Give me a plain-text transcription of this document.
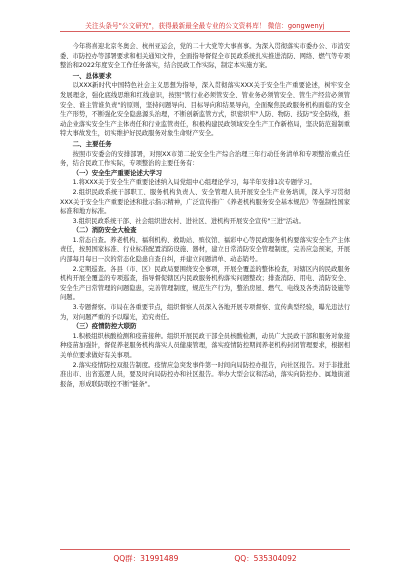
关注头条号"公文研究"，获得最新最全最专业的公文资料库！ 微信：gongwenyj

今年将喜迎北京冬奥会、杭州亚运会，党的二十大党等大事喜事。为深入贯彻落实市委办公、市消安委、市防控办等部署要求和相关通知文件，全面指导督促全市民政系统扎实推进消防、网络、燃气等专项整治和2022年度安全工作任务落实，结合民政工作实际，制定本实施方案。

一、总体要求

以XXX新时代中国特色社会主义思想为指导，深入贯彻落实XXX关于安全生产重要论述，树牢安全发展理念，强化底线思维和红线意识，按照"管行业必须管安全、管业务必须管安全、管生产经营必须管安全、谁主管谁负责"的原则，坚持问题导向、目标导向和结果导向，全面聚焦民政服务机构面临的安全生产形势，不断强化安全隐患源头治理，不断创新监管方式，织密织牢"人防、物防、技防"安全防线，推动企业落实安全生产主体责任和行业监管责任，积极构建民政领域安全生产工作新格局，坚决防范遏制重特大事故发生，切实维护好民政服务对象生命财产安全。

二、主要任务

按照市安委会的安排部署，对照XX市第二轮安全生产综合治理三年行动任务清单和专项整治重点任务，结合民政工作实际，专项整治的主要任务有：

（一）安全生产重要论述大学习

1.将XXX关于安全生产重要论述纳入局党组中心组理论学习，每半年安排1次专题学习。

2.组织民政系统干部职工、服务机构负责人、安全管理人员开展安全生产业务培训，深入学习贯彻XXX关于安全生产重要论述和批示指示精神，广泛宣传推广《养老机构服务安全基本规范》等强制性国家标准和地方标准。

3.组织民政系统干部、社会组织进农村、进社区、进机构开展安全宣传"三进"活动。

（二）消防安全大检查

1.常态自查。养老机构、福利机构、救助站、殡仪馆、福彩中心等民政服务机构要落实安全生产主体责任，按照国家标准、行业标准配置消防设施、器材，建立日常消防安全管理制度，完善应急预案，开展内部每月每日一次的常态化隐患自查自纠，并建立问题清单、动态销号。

2.定期巡查。各县（市、区）民政局要围绕安全事项，开展全覆盖的整体检查，对辖区内的民政服务机构开展全覆盖的专项巡查，指导督促辖区内民政服务机构落实问题整改；排查消防、用电、消防安全、安全生产日常管理的问题隐患，完善管理制度，规范生产行为，整治房屋、燃气、电线及各类消防设施等问题。

3.专题督察。市局在各重要节点，组织督察人员深入各地开展专项督察、宣传典型经验，曝光违法行为，对问题严重的予以曝光，追究责任。

（三）疫情防控大联防

1.积极组织核酸检测和疫苗接种。组织开展民政干部全员核酸检测，动员广大民政干部和服务对象接种疫苗加强针，督促养老服务机构落实人员健康管理，落实疫情防控期间养老机构封闭管理要求，根据相关单位要求做好有关事项。

2.落实疫情防控双报告制度。疫情应急突发事件第一时间向局防控办报告，向社区报告。对于非批批准出市、出省巡逻人员，要及时向局防控办和社区报告。举办大型会议和活动，落实向防控办、属地街道报备，形成联防联控不断"链条"。

QQ群：31991489	QQ：535304092
